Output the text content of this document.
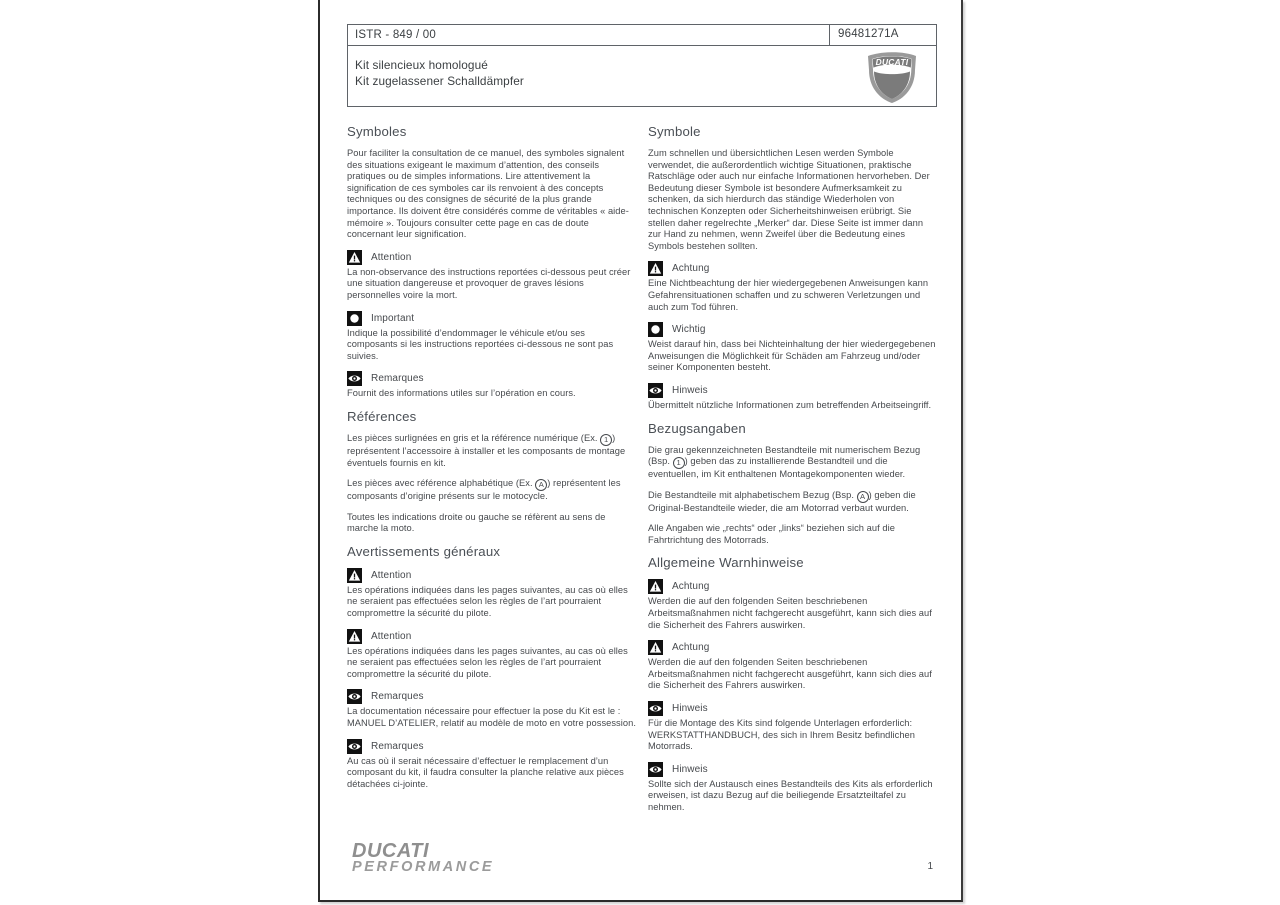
ISTR - 849 / 00	96481271A
Kit silencieux homologué
Kit zugelassener Schalldämpfer
DUCATI
Symboles
Pour faciliter la consultation de ce manuel, des symboles signalent des situations exigeant le maximum d’attention, des conseils pratiques ou de simples informations. Lire attentivement la signification de ces symboles car ils renvoient à des concepts techniques ou des consignes de sécurité de la plus grande importance. Ils doivent être considérés comme de véritables « aide-mémoire ». Toujours consulter cette page en cas de doute concernant leur signification.
Attention
La non-observance des instructions reportées ci-dessous peut créer une situation dangereuse et provoquer de graves lésions personnelles voire la mort.
Important
Indique la possibilité d’endommager le véhicule et/ou ses composants si les instructions reportées ci-dessous ne sont pas suivies.
Remarques
Fournit des informations utiles sur l’opération en cours.
Références
Les pièces surlignées en gris et la référence numérique (Ex. 1 ) représentent l’accessoire à installer et les composants de montage éventuels fournis en kit.
Les pièces avec référence alphabétique (Ex. A ) représentent les composants d’origine présents sur le motocycle.
Toutes les indications droite ou gauche se réfèrent au sens de marche la moto.
Avertissements généraux
Attention
Les opérations indiquées dans les pages suivantes, au cas où elles ne seraient pas effectuées selon les règles de l’art pourraient compromettre la sécurité du pilote.
Attention
Les opérations indiquées dans les pages suivantes, au cas où elles ne seraient pas effectuées selon les règles de l’art pourraient compromettre la sécurité du pilote.
Remarques
La documentation nécessaire pour effectuer la pose du Kit est le : MANUEL D’ATELIER, relatif au modèle de moto en votre possession.
Remarques
Au cas où il serait nécessaire d’effectuer le remplacement d’un composant du kit, il faudra consulter la planche relative aux pièces détachées ci-jointe.
Symbole
Zum schnellen und übersichtlichen Lesen werden Symbole verwendet, die außerordentlich wichtige Situationen, praktische Ratschläge oder auch nur einfache Informationen hervorheben. Der Bedeutung dieser Symbole ist besondere Aufmerksamkeit zu schenken, da sich hierdurch das ständige Wiederholen von technischen Konzepten oder Sicherheitshinweisen erübrigt. Sie stellen daher regelrechte „Merker“ dar. Diese Seite ist immer dann zur Hand zu nehmen, wenn Zweifel über die Bedeutung eines Symbols bestehen sollten.
Achtung
Eine Nichtbeachtung der hier wiedergegebenen Anweisungen kann Gefahrensituationen schaffen und zu schweren Verletzungen und auch zum Tod führen.
Wichtig
Weist darauf hin, dass bei Nichteinhaltung der hier wiedergegebenen Anweisungen die Möglichkeit für Schäden am Fahrzeug und/oder seiner Komponenten besteht.
Hinweis
Übermittelt nützliche Informationen zum betreffenden Arbeitseingriff.
Bezugsangaben
Die grau gekennzeichneten Bestandteile mit numerischem Bezug (Bsp. 1 ) geben das zu installierende Bestandteil und die eventuellen, im Kit enthaltenen Montagekomponenten wieder.
Die Bestandteile mit alphabetischem Bezug (Bsp. A ) geben die Original-Bestandteile wieder, die am Motorrad verbaut wurden.
Alle Angaben wie „rechts“ oder „links“ beziehen sich auf die Fahrtrichtung des Motorrads.
Allgemeine Warnhinweise
Achtung
Werden die auf den folgenden Seiten beschriebenen Arbeitsmaßnahmen nicht fachgerecht ausgeführt, kann sich dies auf die Sicherheit des Fahrers auswirken.
Achtung
Werden die auf den folgenden Seiten beschriebenen Arbeitsmaßnahmen nicht fachgerecht ausgeführt, kann sich dies auf die Sicherheit des Fahrers auswirken.
Hinweis
Für die Montage des Kits sind folgende Unterlagen erforderlich: WERKSTATTHANDBUCH, des sich in Ihrem Besitz befindlichen Motorrads.
Hinweis
Sollte sich der Austausch eines Bestandteils des Kits als erforderlich erweisen, ist dazu Bezug auf die beiliegende Ersatzteiltafel zu nehmen.
DUCATI
PERFORMANCE	1
